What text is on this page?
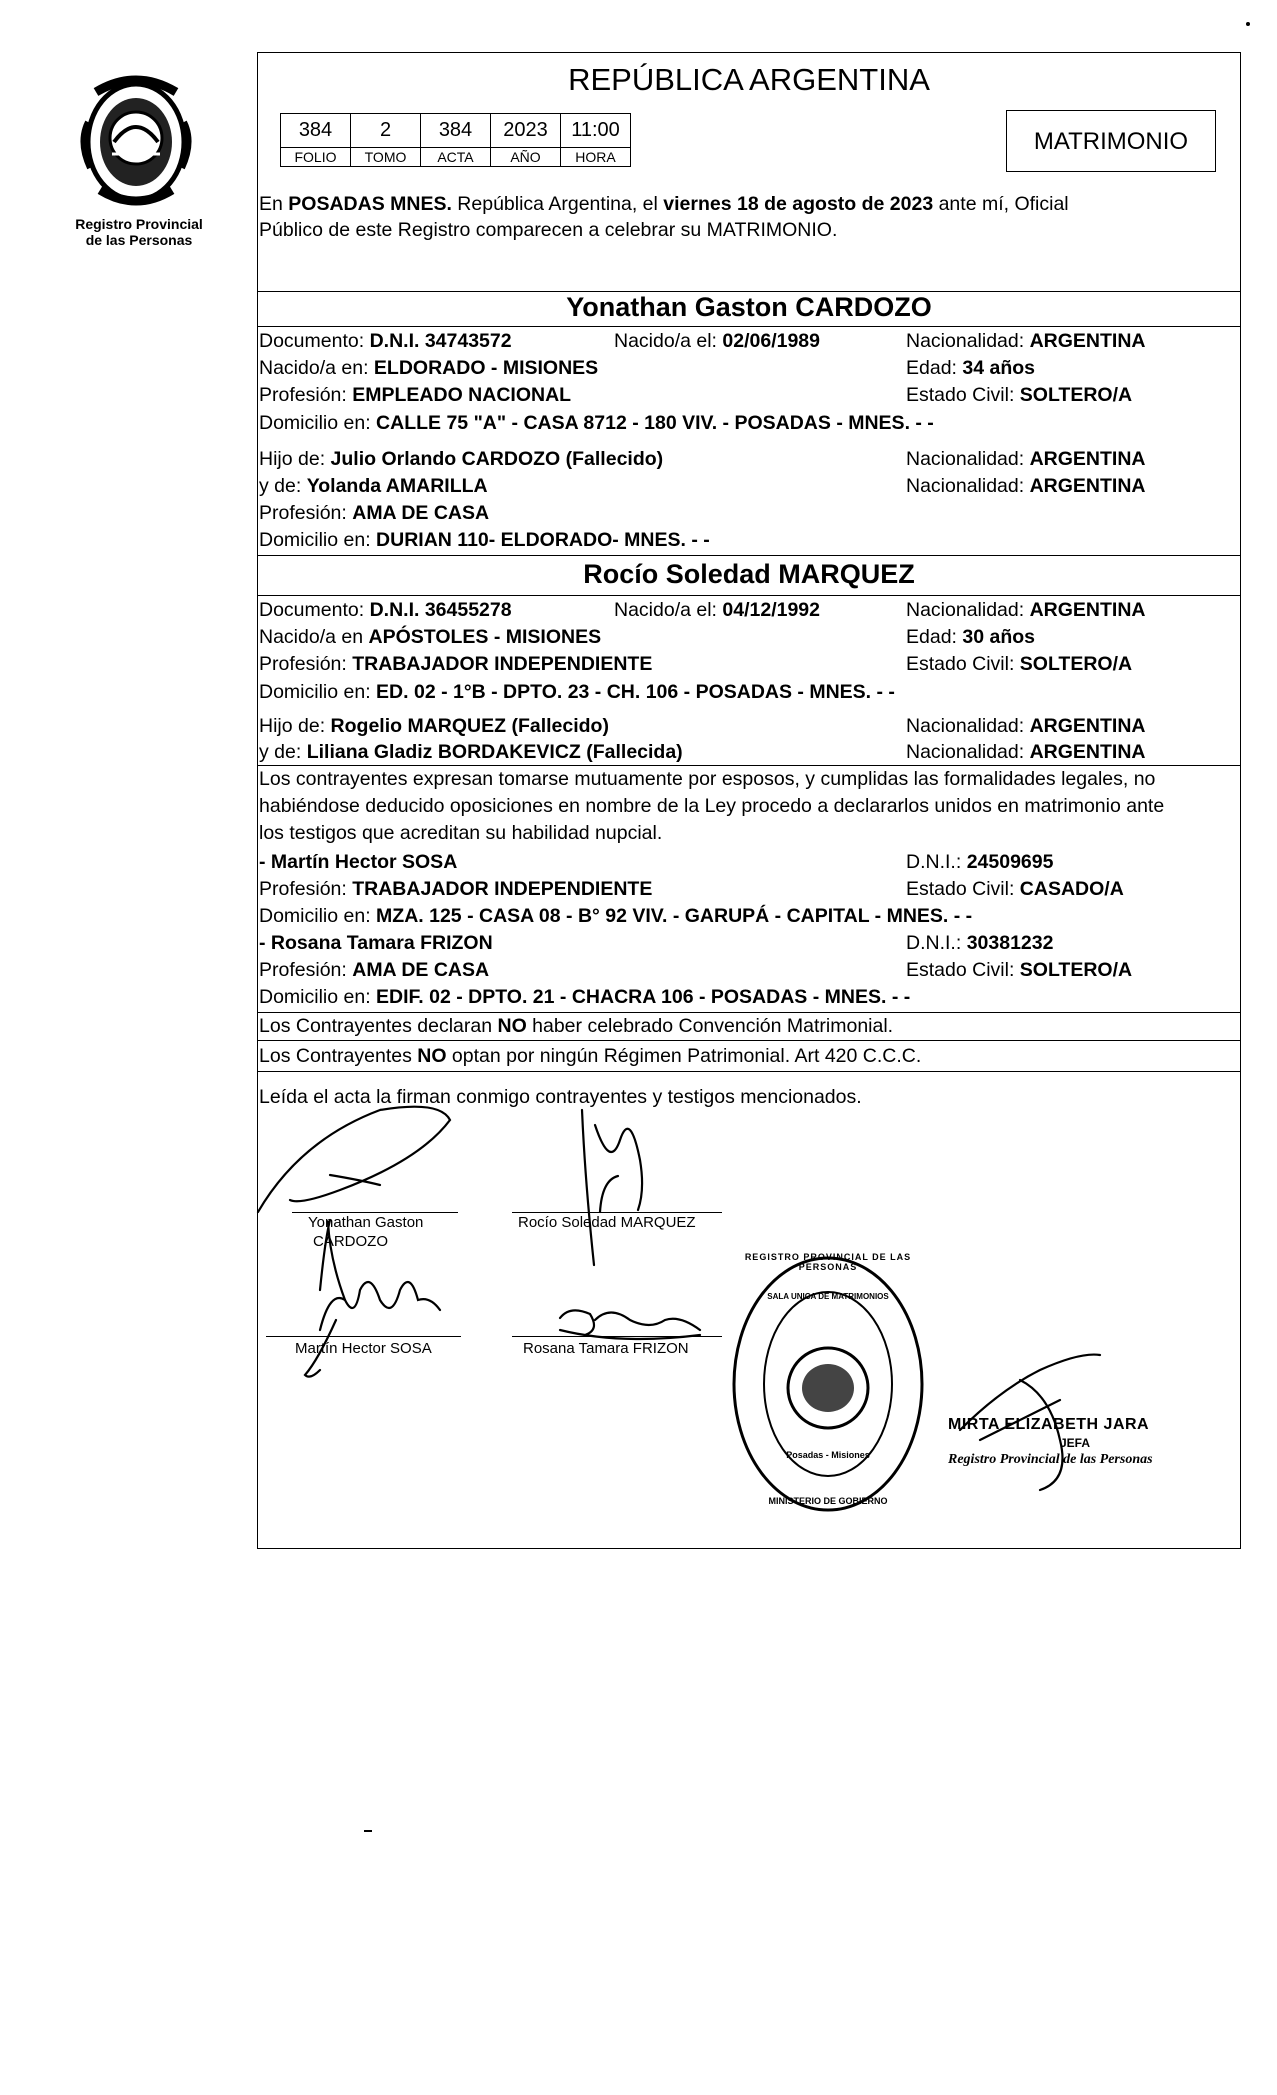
Registro Provincial
de las Personas
REPÚBLICA ARGENTINA
384	2	384	2023	11:00
FOLIO	TOMO	ACTA	AÑO	HORA
MATRIMONIO
En POSADAS MNES. República Argentina, el viernes 18 de agosto de 2023 ante mí, Oficial
Público de este Registro comparecen a celebrar su MATRIMONIO.
Yonathan Gaston CARDOZO
Documento: D.N.I. 34743572	Nacido/a el: 02/06/1989	Nacionalidad: ARGENTINA
Nacido/a en: ELDORADO - MISIONES	Edad: 34 años
Profesión: EMPLEADO NACIONAL	Estado Civil: SOLTERO/A
Domicilio en: CALLE 75 "A" - CASA 8712 - 180 VIV. - POSADAS - MNES. - -
Hijo de: Julio Orlando CARDOZO (Fallecido)	Nacionalidad: ARGENTINA
y de: Yolanda AMARILLA	Nacionalidad: ARGENTINA
Profesión: AMA DE CASA
Domicilio en: DURIAN 110- ELDORADO- MNES. - -
Rocío Soledad MARQUEZ
Documento: D.N.I. 36455278	Nacido/a el: 04/12/1992	Nacionalidad: ARGENTINA
Nacido/a en APÓSTOLES - MISIONES	Edad: 30 años
Profesión: TRABAJADOR INDEPENDIENTE	Estado Civil: SOLTERO/A
Domicilio en: ED. 02 - 1°B - DPTO. 23 - CH. 106 - POSADAS - MNES. - -
Hijo de: Rogelio MARQUEZ (Fallecido)	Nacionalidad: ARGENTINA
y de: Liliana Gladiz BORDAKEVICZ (Fallecida)	Nacionalidad: ARGENTINA
Los contrayentes expresan tomarse mutuamente por esposos, y cumplidas las formalidades legales, no
habiéndose deducido oposiciones en nombre de la Ley procedo a declararlos unidos en matrimonio ante
los testigos que acreditan su habilidad nupcial.
- Martín Hector SOSA	D.N.I.: 24509695
Profesión: TRABAJADOR INDEPENDIENTE	Estado Civil: CASADO/A
Domicilio en: MZA. 125 - CASA 08 - B° 92 VIV. - GARUPÁ - CAPITAL - MNES. - -
- Rosana Tamara FRIZON	D.N.I.: 30381232
Profesión: AMA DE CASA	Estado Civil: SOLTERO/A
Domicilio en: EDIF. 02 - DPTO. 21 - CHACRA 106 - POSADAS - MNES. - -
Los Contrayentes declaran NO haber celebrado Convención Matrimonial.
Los Contrayentes NO optan por ningún Régimen Patrimonial. Art 420 C.C.C.
Leída el acta la firman conmigo contrayentes y testigos mencionados.
Yonathan Gaston
CARDOZO
Rocío Soledad MARQUEZ
Martín Hector SOSA	Rosana Tamara FRIZON
REGISTRO PROVINCIAL DE LAS PERSONAS
SALA UNICA DE MATRIMONIOS
Posadas - Misiones
MINISTERIO DE GOBIERNO
MIRTA ELIZABETH JARA
JEFA
Registro Provincial de las Personas
